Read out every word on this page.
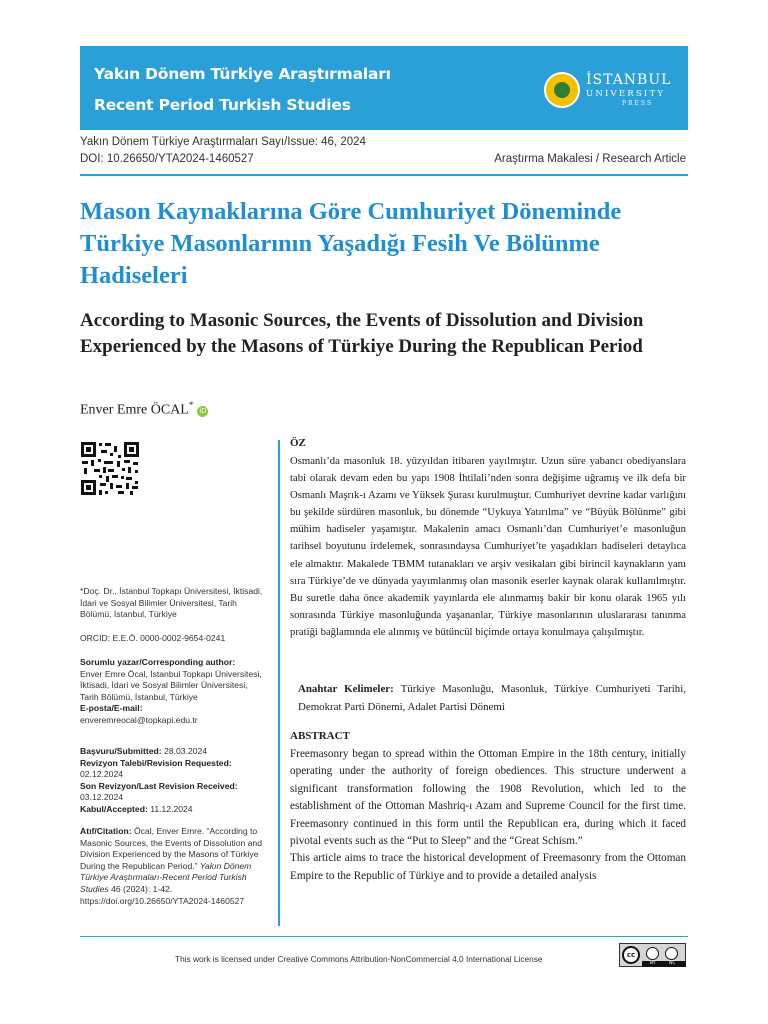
Yakın Dönem Türkiye Araştırmaları
Recent Period Turkish Studies
İSTANBUL
UNIVERSITY
PRESS
Yakın Dönem Türkiye Araştırmaları Sayı/Issue: 46, 2024
DOI: 10.26650/YTA2024-1460527	Araştırma Makalesi / Research Article
Mason Kaynaklarına Göre Cumhuriyet Döneminde Türkiye Masonlarının Yaşadığı Fesih Ve Bölünme Hadiseleri
According to Masonic Sources, the Events of Dissolution and Division Experienced by the Masons of Türkiye During the Republican Period
Enver Emre ÖCAL*iD
*Doç. Dr., İstanbul Topkapı Üniversitesi, İktisadi, İdari ve Sosyal Bilimler Üniversitesi, Tarih Bölümü, İstanbul, Türkiye
ORCID: E.E.Ö. 0000-0002-9654-0241
Sorumlu yazar/Corresponding author:
Enver Emre Öcal, İstanbul Topkapı Üniversitesi, İktisadi, İdari ve Sosyal Bilimler Üniversitesi, Tarih Bölümü, İstanbul, Türkiye
E-posta/E-mail:
enveremreocal@topkapi.edu.tr
Başvuru/Submitted: 28.03.2024
Revizyon Talebi/Revision Requested:
02.12.2024
Son Revizyon/Last Revision Received:
03.12.2024
Kabul/Accepted: 11.12.2024
Atıf/Citation: Öcal, Enver Emre. “According to Masonic Sources, the Events of Dissolution and Division Experienced by the Masons of Türkiye During the Republican Period.” Yakın Dönem Türkiye Araştırmaları-Recent Period Turkish Studies 46 (2024): 1-42. https://doi.org/10.26650/YTA2024-1460527
ÖZ
Osmanlı’da masonluk 18. yüzyıldan itibaren yayılmıştır. Uzun süre yabancı obediyanslara tabi olarak devam eden bu yapı 1908 İhtilali’nden sonra değişime uğramış ve ilk defa bir Osmanlı Maşrık-ı Azamı ve Yüksek Şurası kurulmuştur. Cumhuriyet devrine kadar varlığını bu şekilde sürdüren masonluk, bu dönemde “Uykuya Yatırılma” ve “Büyük Bölünme” gibi mühim hadiseler yaşamıştır. Makalenin amacı Osmanlı’dan Cumhuriyet’e masonluğun tarihsel boyutunu irdelemek, sonrasındaysa Cumhuriyet’te yaşadıkları hadiseleri detaylıca ele almaktır. Makalede TBMM tutanakları ve arşiv vesikaları gibi birincil kaynakların yanı sıra Türkiye’de ve dünyada yayımlanmış olan masonik eserler kaynak olarak kullanılmıştır. Bu suretle daha önce akademik yayınlarda ele alınmamış bakir bir konu olarak 1965 yılı sonrasında Türkiye masonluğunda yaşananlar, Türkiye masonlarının uluslararası tanınma pratiği bağlamında ele alınmış ve bütüncül biçimde ortaya konulmaya çalışılmıştır.
Anahtar Kelimeler: Türkiye Masonluğu, Masonluk, Türkiye Cumhuriyeti Tarihi, Demokrat Parti Dönemi, Adalet Partisi Dönemi
ABSTRACT
Freemasonry began to spread within the Ottoman Empire in the 18th century, initially operating under the authority of foreign obediences. This structure underwent a significant transformation following the 1908 Revolution, which led to the establishment of the Ottoman Mashriq-ı Azam and Supreme Council for the first time. Freemasonry continued in this form until the Republican era, during which it faced pivotal events such as the “Put to Sleep” and the “Great Schism.”
This article aims to trace the historical development of Freemasonry from the Ottoman Empire to the Republic of Türkiye and to provide a detailed analysis
This work is licensed under Creative Commons Attribution-NonCommercial 4.0 International License	cc
BY	NC
